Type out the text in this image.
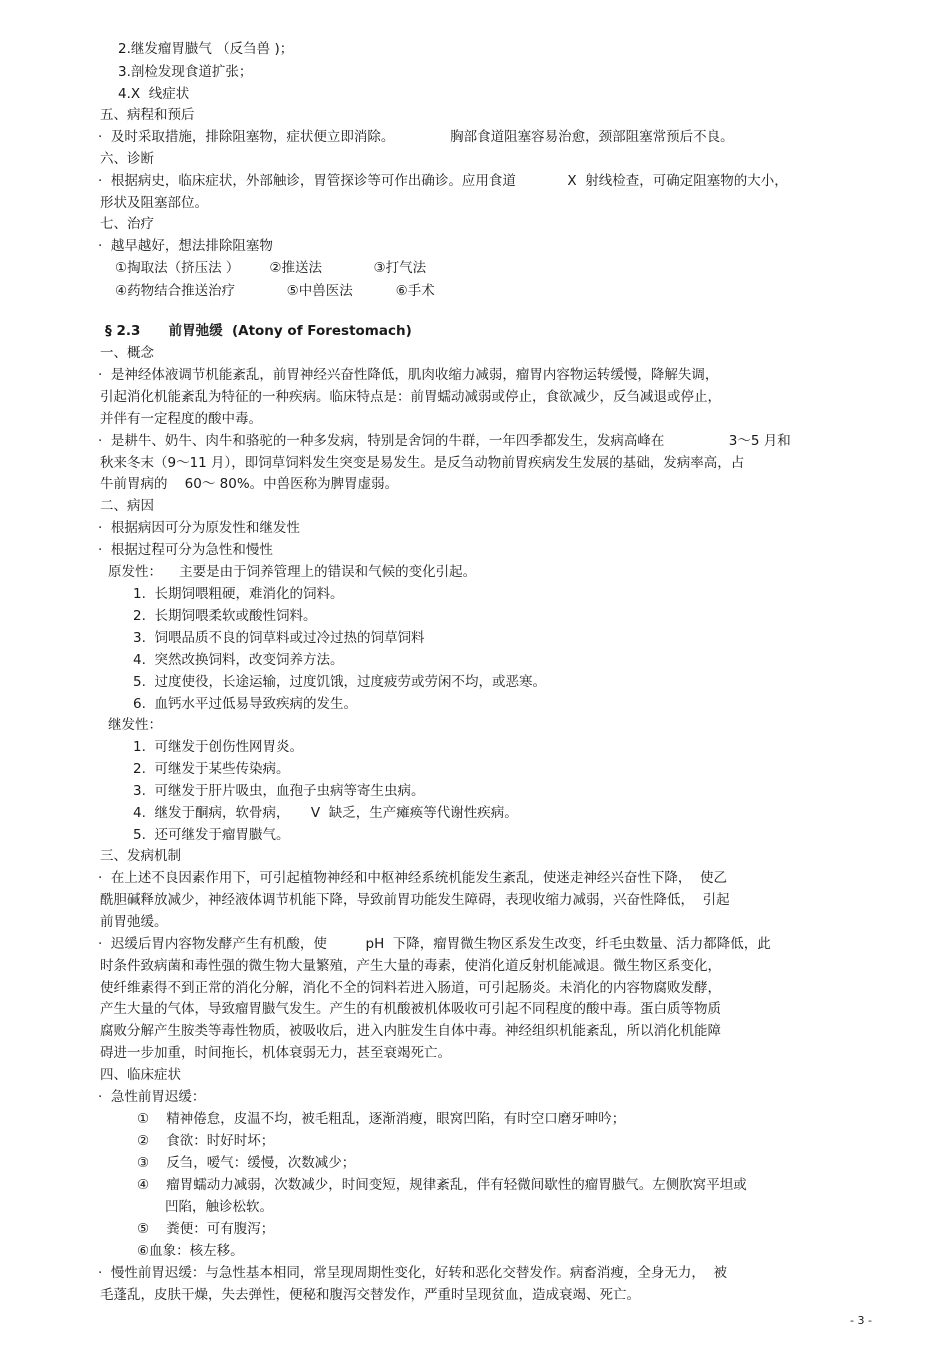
2.继发瘤胃臌气 （反刍兽 )；
3.剖检发现食道扩张；
4.X  线症状
五、病程和预后
·  及时采取措施，排除阻塞物，症状便立即消除。             胸部食道阻塞容易治愈，颈部阻塞常预后不良。
六、诊断
·  根据病史，临床症状，外部触诊，胃管探诊等可作出确诊。应用食道            X  射线检查，可确定阻塞物的大小，
形状及阻塞部位。
七、治疗
·  越早越好，想法排除阻塞物
①掏取法（挤压法 ）       ②推送法            ③打气法
④药物结合推送治疗            ⑤中兽医法          ⑥手术
§ 2.3      前胃弛缓  (Atony of Forestomach)
一、概念
·  是神经体液调节机能紊乱，前胃神经兴奋性降低，肌肉收缩力减弱，瘤胃内容物运转缓慢，降解失调，
引起消化机能紊乱为特征的一种疾病。临床特点是：前胃蠕动减弱或停止，食欲减少，反刍减退或停止，
并伴有一定程度的酸中毒。
·  是耕牛、奶牛、肉牛和骆驼的一种多发病，特别是舍饲的牛群，一年四季都发生，发病高峰在               3～5 月和
秋来冬末（9～11 月），即饲草饲料发生突变是易发生。是反刍动物前胃疾病发生发展的基础，发病率高，占
牛前胃病的    60～ 80%。中兽医称为脾胃虚弱。
二、病因
·  根据病因可分为原发性和继发性
·  根据过程可分为急性和慢性
原发性：    主要是由于饲养管理上的错误和气候的变化引起。
1.  长期饲喂粗硬，难消化的饲料。
2.  长期饲喂柔软或酸性饲料。
3.  饲喂品质不良的饲草料或过冷过热的饲草饲料
4.  突然改换饲料，改变饲养方法。
5.  过度使役，长途运输，过度饥饿，过度疲劳或劳闲不均，或恶寒。
6.  血钙水平过低易导致疾病的发生。
继发性：
1.  可继发于创伤性网胃炎。
2.  可继发于某些传染病。
3.  可继发于肝片吸虫，血孢子虫病等寄生虫病。
4.  继发于酮病，软骨病，     V  缺乏，生产瘫痪等代谢性疾病。
5.  还可继发于瘤胃臌气。
三、发病机制
·  在上述不良因素作用下，可引起植物神经和中枢神经系统机能发生紊乱，使迷走神经兴奋性下降，  使乙
酰胆碱释放减少，神经液体调节机能下降，导致前胃功能发生障碍，表现收缩力减弱，兴奋性降低，  引起
前胃弛缓。
·  迟缓后胃内容物发酵产生有机酸，使         pH  下降，瘤胃微生物区系发生改变，纤毛虫数量、活力都降低，此
时条件致病菌和毒性强的微生物大量繁殖，产生大量的毒素，使消化道反射机能减退。微生物区系变化，
使纤维素得不到正常的消化分解，消化不全的饲料若进入肠道，可引起肠炎。未消化的内容物腐败发酵，
产生大量的气体，导致瘤胃臌气发生。产生的有机酸被机体吸收可引起不同程度的酸中毒。蛋白质等物质
腐败分解产生胺类等毒性物质，被吸收后，进入内脏发生自体中毒。神经组织机能紊乱，所以消化机能障
碍进一步加重，时间拖长，机体衰弱无力，甚至衰竭死亡。
四、临床症状
·  急性前胃迟缓：
①    精神倦怠，皮温不均，被毛粗乱，逐渐消瘦，眼窝凹陷，有时空口磨牙呻吟；
②    食欲：时好时坏；
③    反刍，嗳气：缓慢，次数减少；
④    瘤胃蠕动力减弱，次数减少，时间变短，规律紊乱，伴有轻微间歇性的瘤胃臌气。左侧肷窝平坦或
凹陷，触诊松软。
⑤    粪便：可有腹泻；
⑥血象：核左移。
·  慢性前胃迟缓：与急性基本相同，常呈现周期性变化，好转和恶化交替发作。病畜消瘦，全身无力，  被
毛蓬乱，皮肤干燥，失去弹性，便秘和腹泻交替发作，严重时呈现贫血，造成衰竭、死亡。
- 3 -
